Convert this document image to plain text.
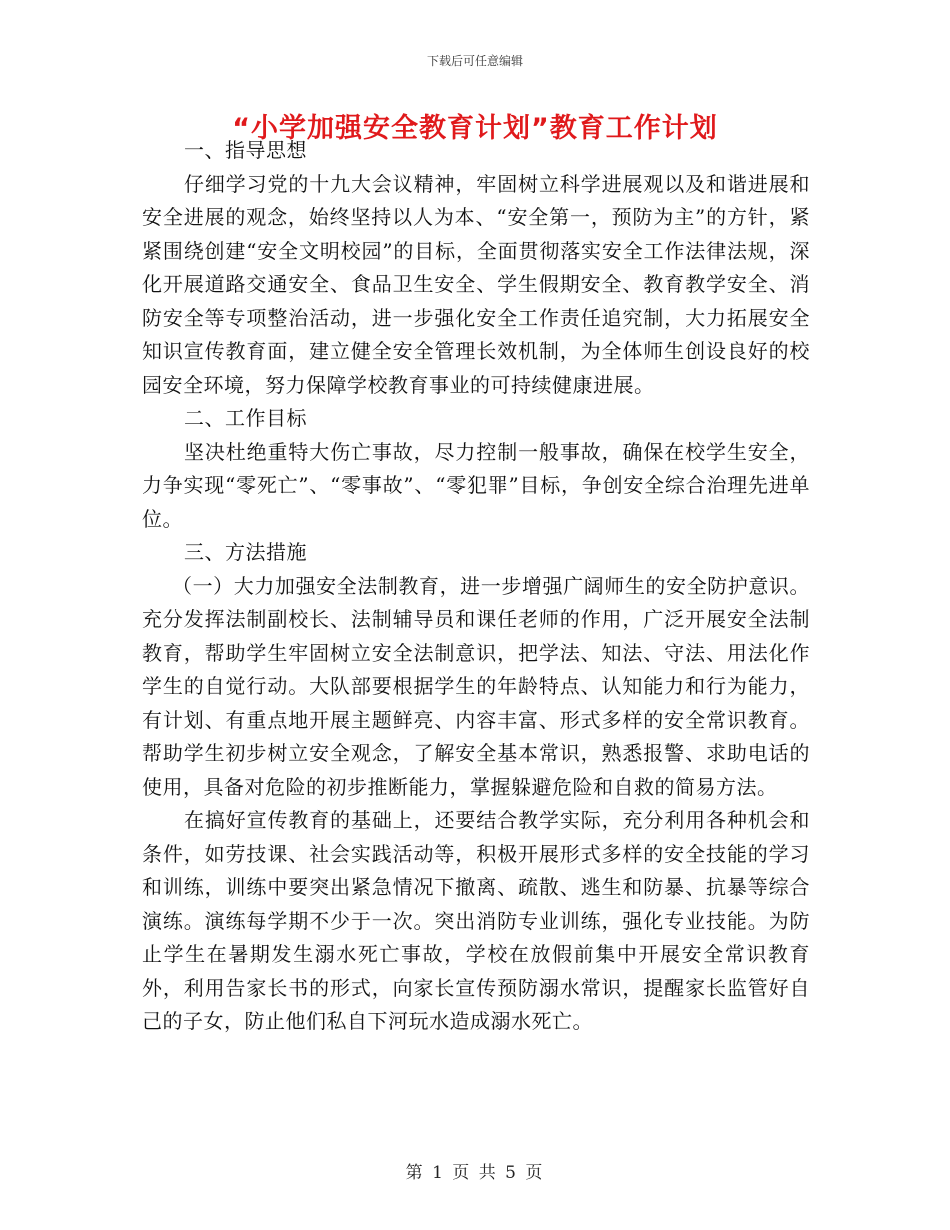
下载后可任意编辑
“小学加强安全教育计划”教育工作计划

一、指导思想

仔细学习党的十九大会议精神，牢固树立科学进展观以及和谐进展和安全进展的观念，始终坚持以人为本、“安全第一，预防为主”的方针，紧紧围绕创建“安全文明校园”的目标，全面贯彻落实安全工作法律法规，深化开展道路交通安全、食品卫生安全、学生假期安全、教育教学安全、消防安全等专项整治活动，进一步强化安全工作责任追究制，大力拓展安全知识宣传教育面，建立健全安全管理长效机制，为全体师生创设良好的校园安全环境，努力保障学校教育事业的可持续健康进展。

二、工作目标

坚决杜绝重特大伤亡事故，尽力控制一般事故，确保在校学生安全，力争实现“零死亡”、“零事故”、“零犯罪”目标，争创安全综合治理先进单位。

三、方法措施

（一）大力加强安全法制教育，进一步增强广阔师生的安全防护意识。充分发挥法制副校长、法制辅导员和课任老师的作用，广泛开展安全法制教育，帮助学生牢固树立安全法制意识，把学法、知法、守法、用法化作学生的自觉行动。大队部要根据学生的年龄特点、认知能力和行为能力，有计划、有重点地开展主题鲜亮、内容丰富、形式多样的安全常识教育。帮助学生初步树立安全观念，了解安全基本常识，熟悉报警、求助电话的使用，具备对危险的初步推断能力，掌握躲避危险和自救的简易方法。

在搞好宣传教育的基础上，还要结合教学实际，充分利用各种机会和条件，如劳技课、社会实践活动等，积极开展形式多样的安全技能的学习和训练，训练中要突出紧急情况下撤离、疏散、逃生和防暴、抗暴等综合演练。演练每学期不少于一次。突出消防专业训练，强化专业技能。为防止学生在暑期发生溺水死亡事故，学校在放假前集中开展安全常识教育外，利用告家长书的形式，向家长宣传预防溺水常识，提醒家长监管好自己的子女，防止他们私自下河玩水造成溺水死亡。

第 1 页 共 5 页
